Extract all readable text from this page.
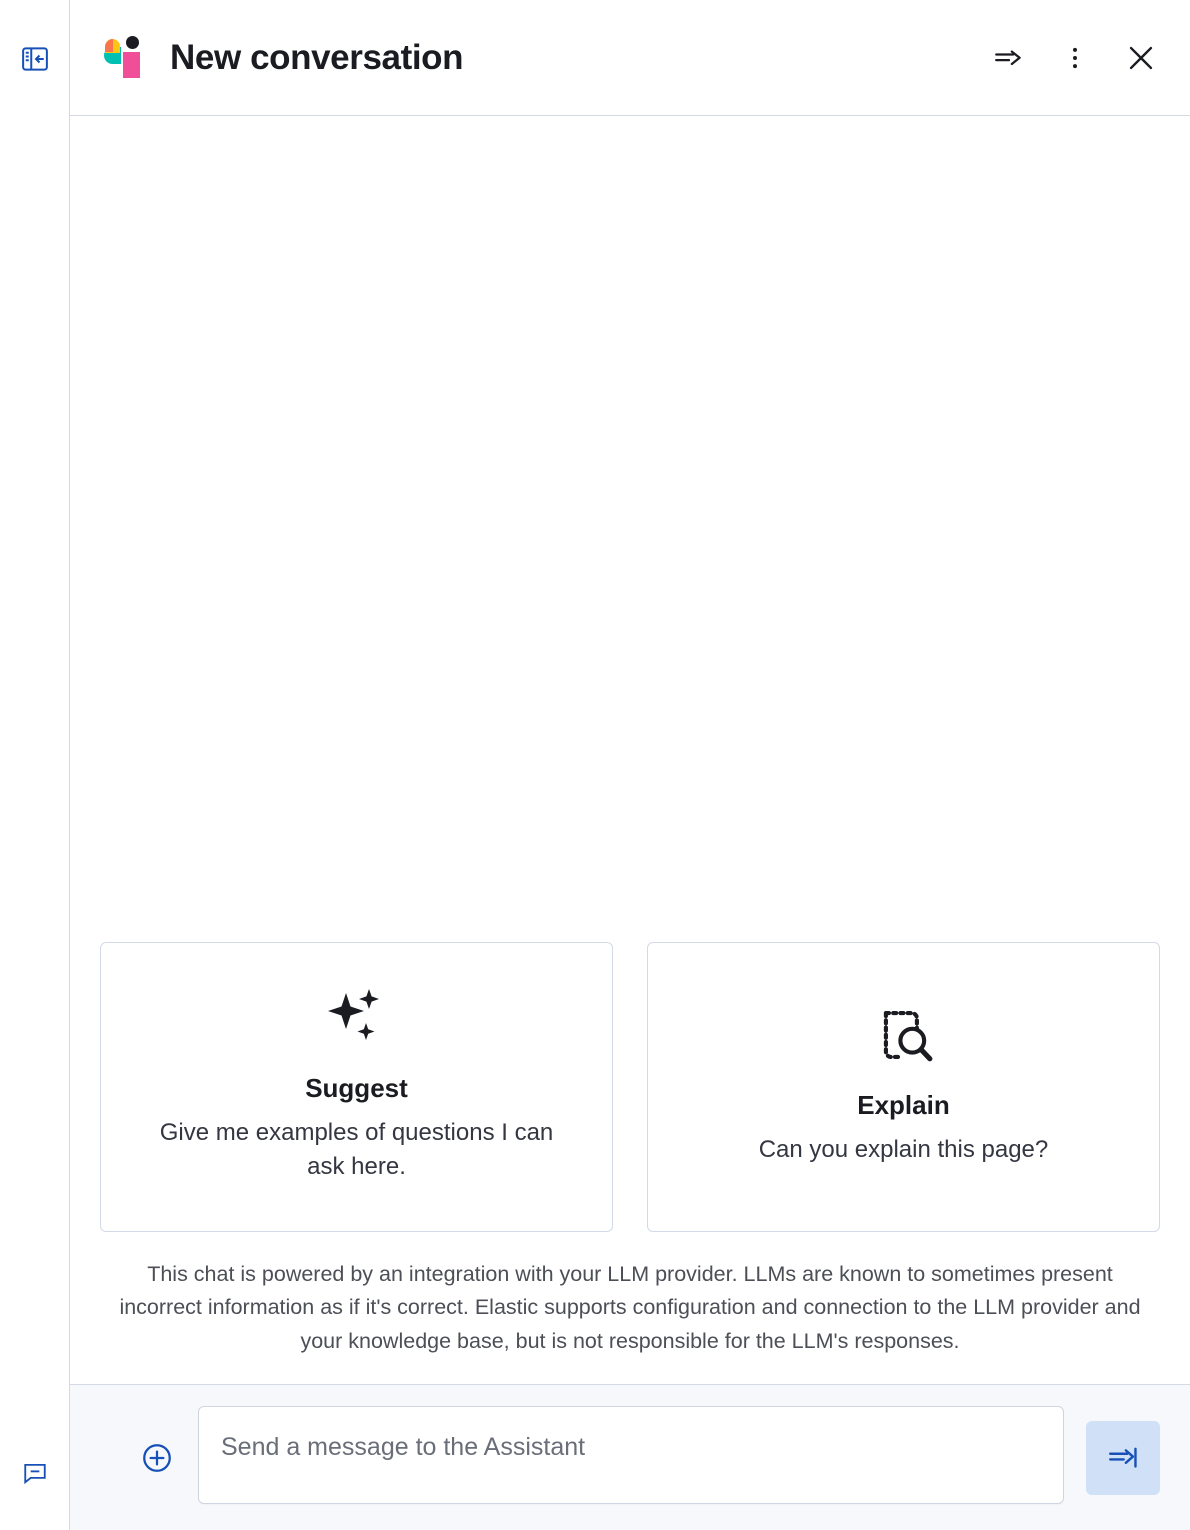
New conversation
Suggest
Give me examples of questions I can ask here.
Explain
Can you explain this page?
This chat is powered by an integration with your LLM provider. LLMs are known to sometimes present incorrect information as if it's correct. Elastic supports configuration and connection to the LLM provider and your knowledge base, but is not responsible for the LLM's responses.
Send a message to the Assistant
